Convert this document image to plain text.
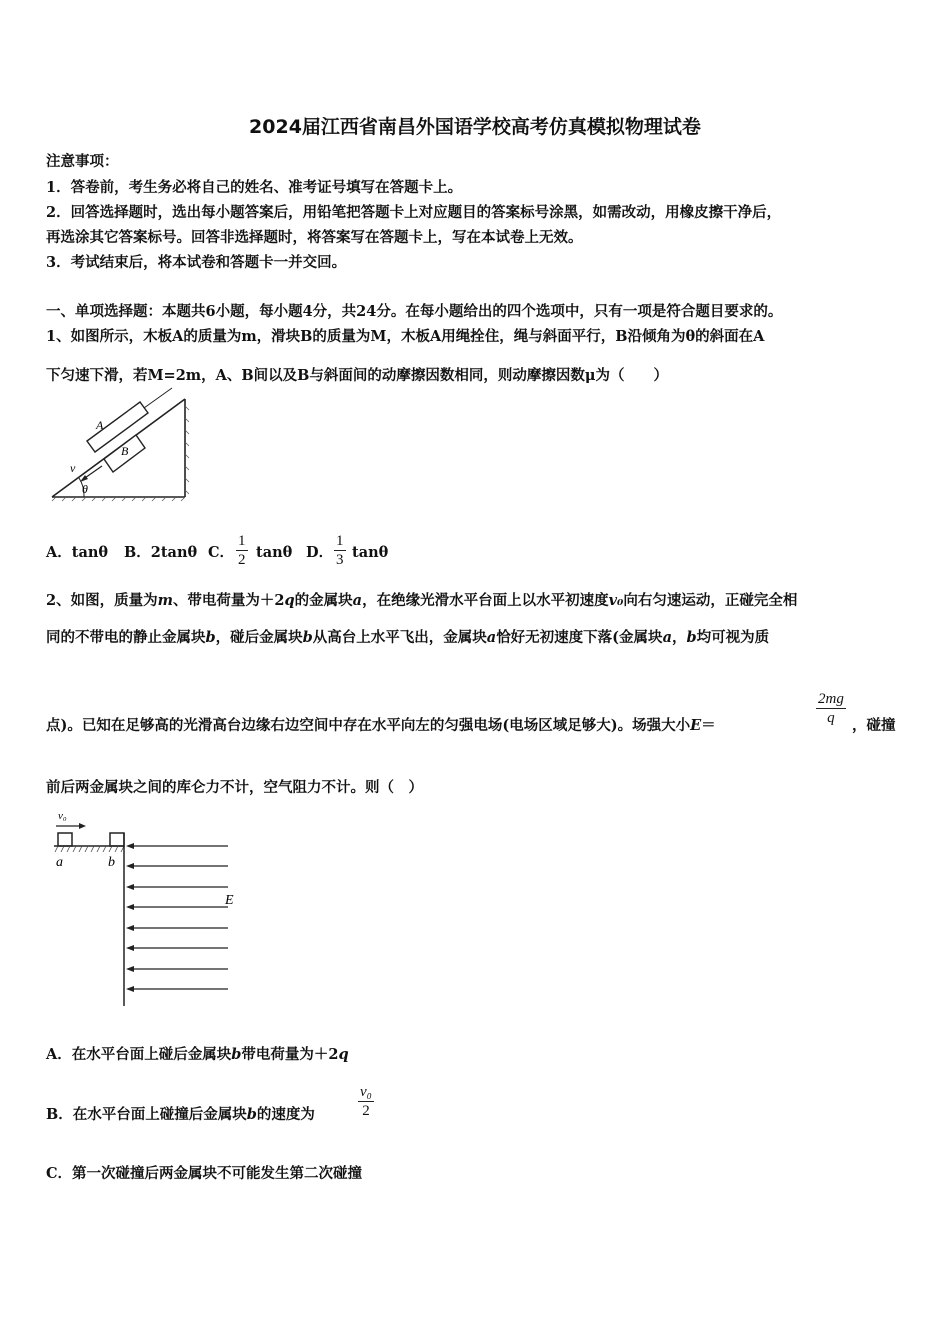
2024届江西省南昌外国语学校高考仿真模拟物理试卷
注意事项：
1．答卷前，考生务必将自己的姓名、准考证号填写在答题卡上。
2．回答选择题时，选出每小题答案后，用铅笔把答题卡上对应题目的答案标号涂黑，如需改动，用橡皮擦干净后，
再选涂其它答案标号。回答非选择题时，将答案写在答题卡上，写在本试卷上无效。
3．考试结束后，将本试卷和答题卡一并交回。
一、单项选择题：本题共6小题，每小题4分，共24分。在每小题给出的四个选项中，只有一项是符合题目要求的。
1、如图所示，木板A的质量为m，滑块B的质量为M，木板A用绳拴住，绳与斜面平行，B沿倾角为θ的斜面在A
下匀速下滑，若M=2m，A、B间以及B与斜面间的动摩擦因数相同，则动摩擦因数μ为（　　）
A
B
v
θ
A．tanθ B．2tanθ C．
1
2 tanθ D．
1
3 tanθ
2、如图，质量为m、带电荷量为＋2q的金属块a，在绝缘光滑水平台面上以水平初速度v₀向右匀速运动，正碰完全相
同的不带电的静止金属块b，碰后金属块b从高台上水平飞出，金属块a恰好无初速度下落(金属块a，b均可视为质
点)。已知在足够高的光滑高台边缘右边空间中存在水平向左的匀强电场(电场区域足够大)。场强大小E＝
2mg
q ，碰撞
前后两金属块之间的库仑力不计，空气阻力不计。则（　）
v₀
a	b
E
A．在水平台面上碰后金属块b带电荷量为＋2q
B．在水平台面上碰撞后金属块b的速度为
v₀
2
C．第一次碰撞后两金属块不可能发生第二次碰撞
